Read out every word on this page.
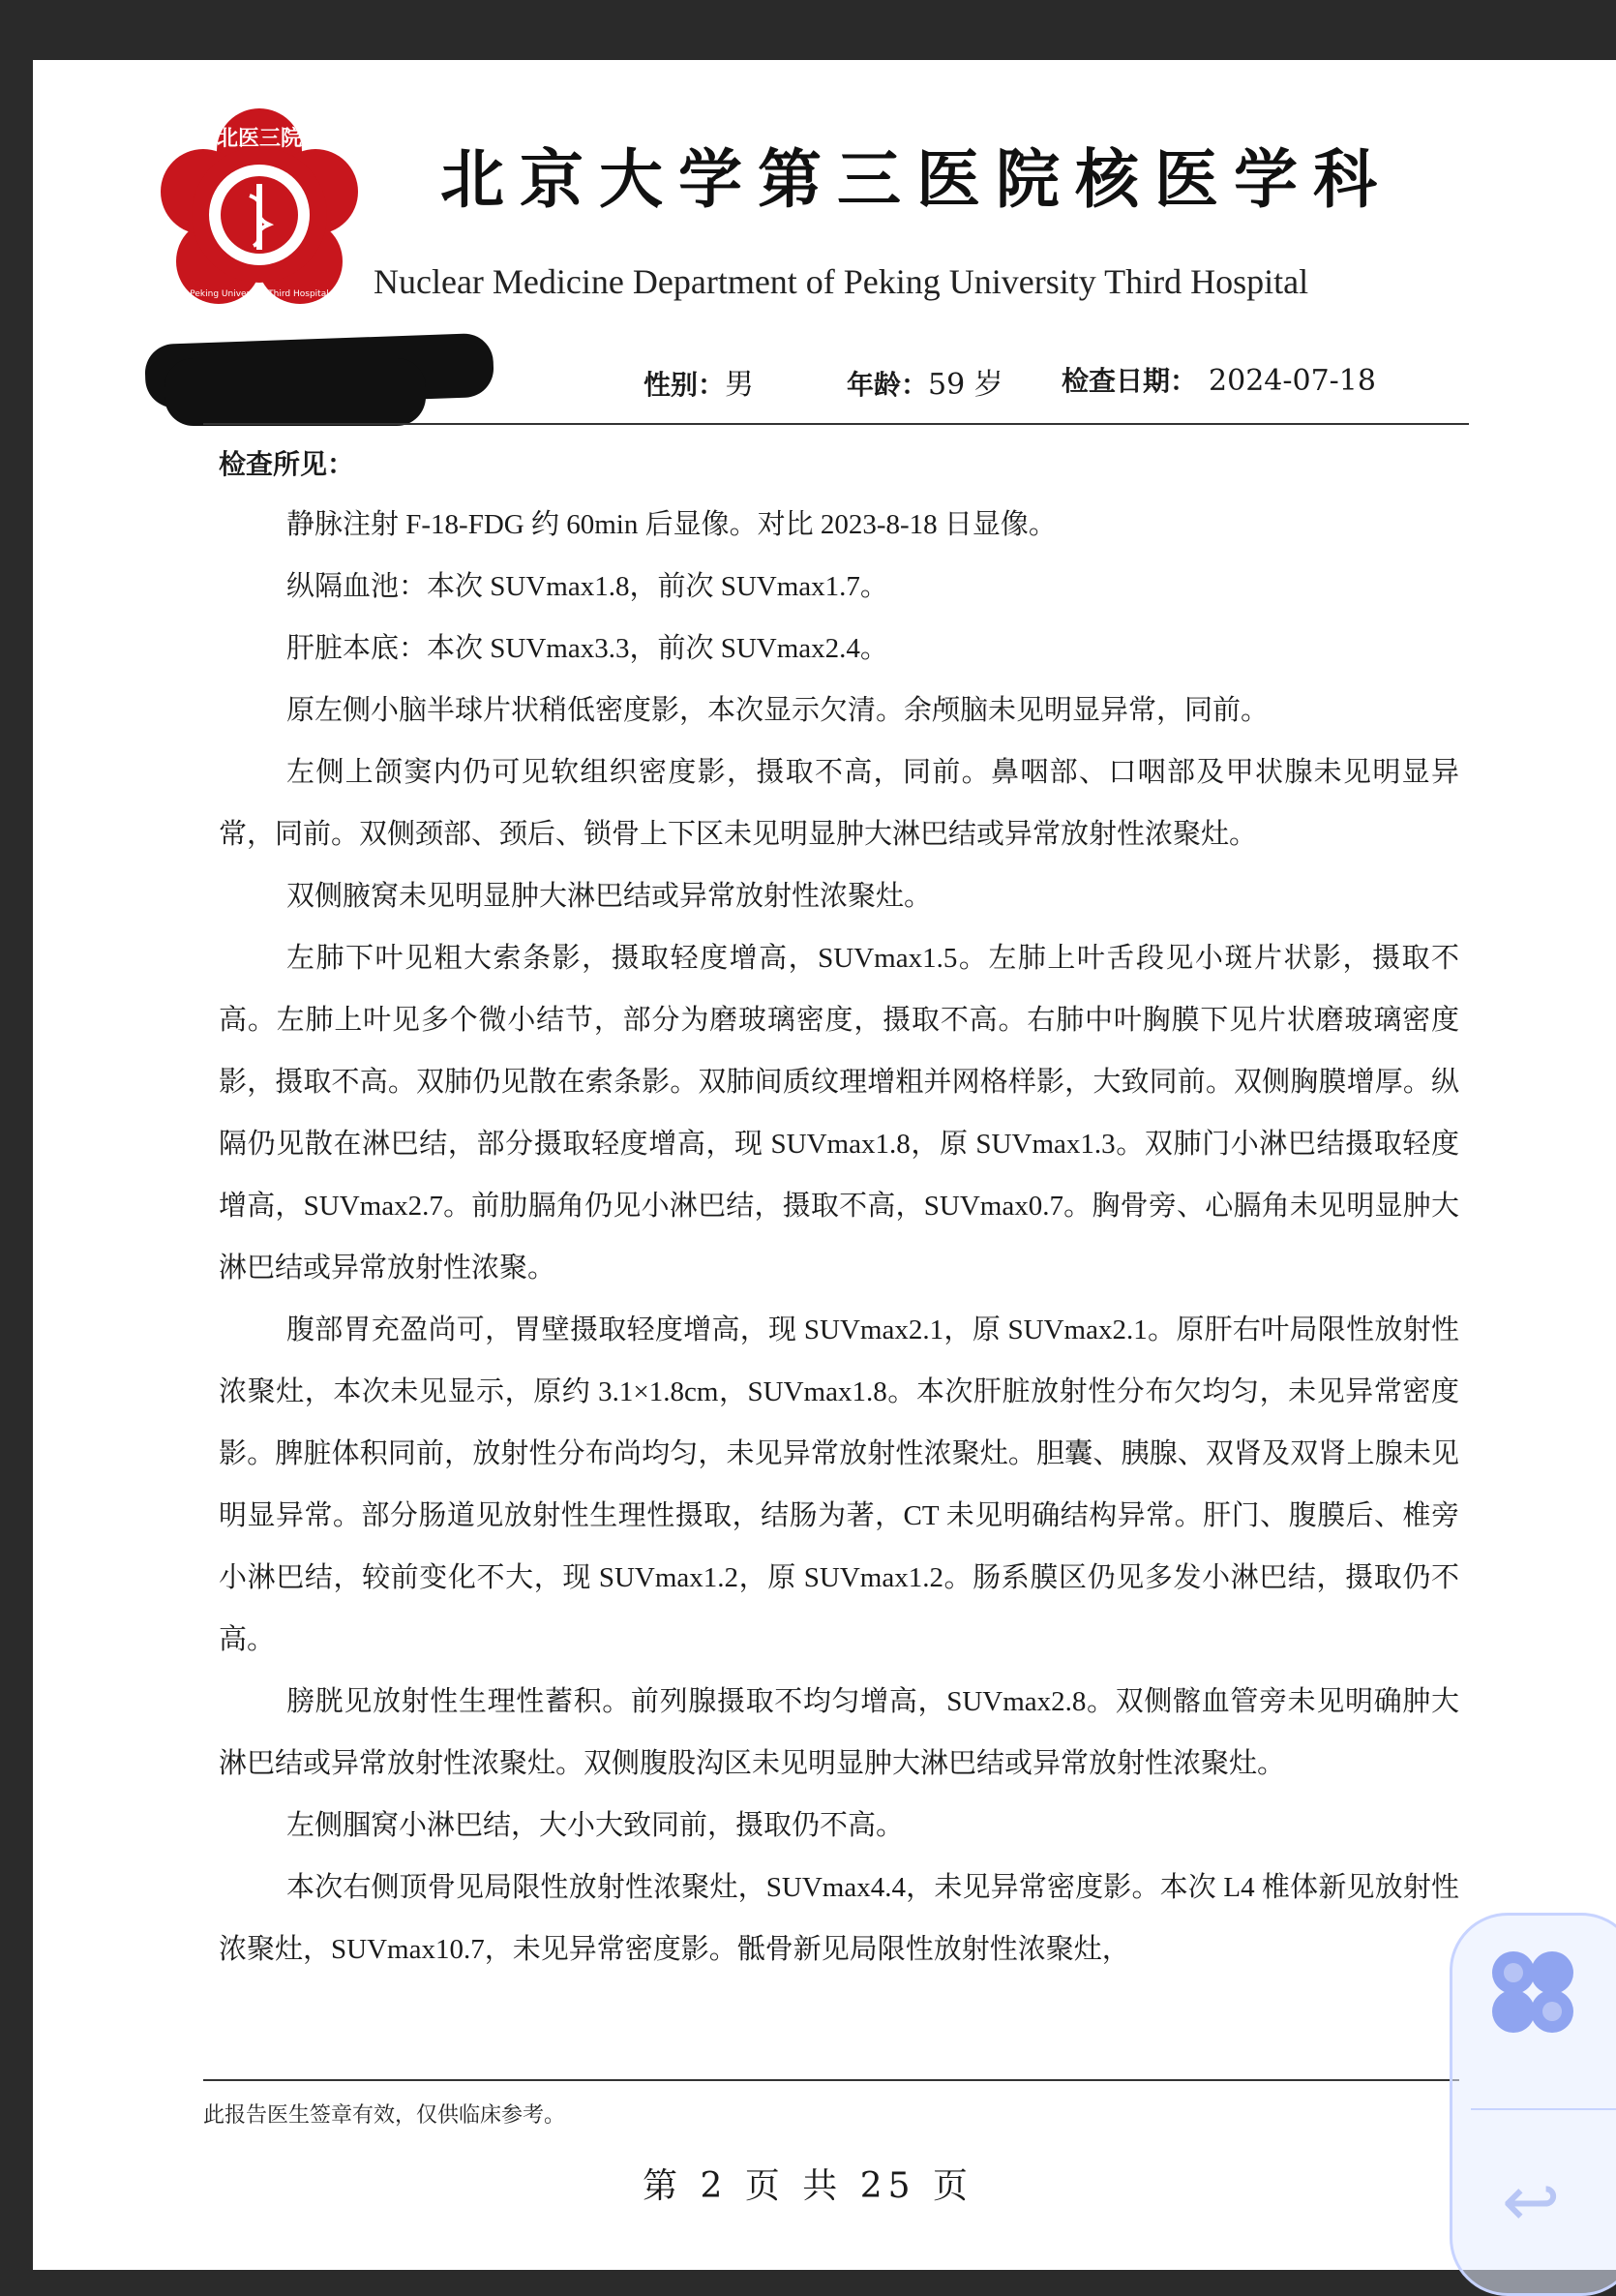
北医三院
Peking University Third Hospital
1958
北京大学第三医院核医学科
Nuclear Medicine Department of Peking University Third Hospital
性别：男	年龄：59 岁 检查日期： 2024-07-18
检查所见：

静脉注射 F-18-FDG 约 60min 后显像。对比 2023-8-18 日显像。

纵隔血池：本次 SUVmax1.8，前次 SUVmax1.7。

肝脏本底：本次 SUVmax3.3，前次 SUVmax2.4。

原左侧小脑半球片状稍低密度影，本次显示欠清。余颅脑未见明显异常，同前。

左侧上颌窦内仍可见软组织密度影，摄取不高，同前。鼻咽部、口咽部及甲状腺未见明显异常，同前。双侧颈部、颈后、锁骨上下区未见明显肿大淋巴结或异常放射性浓聚灶。

双侧腋窝未见明显肿大淋巴结或异常放射性浓聚灶。

左肺下叶见粗大索条影，摄取轻度增高，SUVmax1.5。左肺上叶舌段见小斑片状影，摄取不高。左肺上叶见多个微小结节，部分为磨玻璃密度，摄取不高。右肺中叶胸膜下见片状磨玻璃密度影，摄取不高。双肺仍见散在索条影。双肺间质纹理增粗并网格样影，大致同前。双侧胸膜增厚。纵隔仍见散在淋巴结，部分摄取轻度增高，现 SUVmax1.8，原 SUVmax1.3。双肺门小淋巴结摄取轻度增高，SUVmax2.7。前肋膈角仍见小淋巴结，摄取不高，SUVmax0.7。胸骨旁、心膈角未见明显肿大淋巴结或异常放射性浓聚。

腹部胃充盈尚可，胃壁摄取轻度增高，现 SUVmax2.1，原 SUVmax2.1。原肝右叶局限性放射性浓聚灶，本次未见显示，原约 3.1×1.8cm，SUVmax1.8。本次肝脏放射性分布欠均匀，未见异常密度影。脾脏体积同前，放射性分布尚均匀，未见异常放射性浓聚灶。胆囊、胰腺、双肾及双肾上腺未见明显异常。部分肠道见放射性生理性摄取，结肠为著，CT 未见明确结构异常。肝门、腹膜后、椎旁小淋巴结，较前变化不大，现 SUVmax1.2，原 SUVmax1.2。肠系膜区仍见多发小淋巴结，摄取仍不高。

膀胱见放射性生理性蓄积。前列腺摄取不均匀增高，SUVmax2.8。双侧髂血管旁未见明确肿大淋巴结或异常放射性浓聚灶。双侧腹股沟区未见明显肿大淋巴结或异常放射性浓聚灶。

左侧腘窝小淋巴结，大小大致同前，摄取仍不高。

本次右侧顶骨见局限性放射性浓聚灶，SUVmax4.4，未见异常密度影。本次 L4 椎体新见放射性浓聚灶，SUVmax10.7，未见异常密度影。骶骨新见局限性放射性浓聚灶，

此报告医生签章有效，仅供临床参考。
第 2 页 共 25 页	↩
